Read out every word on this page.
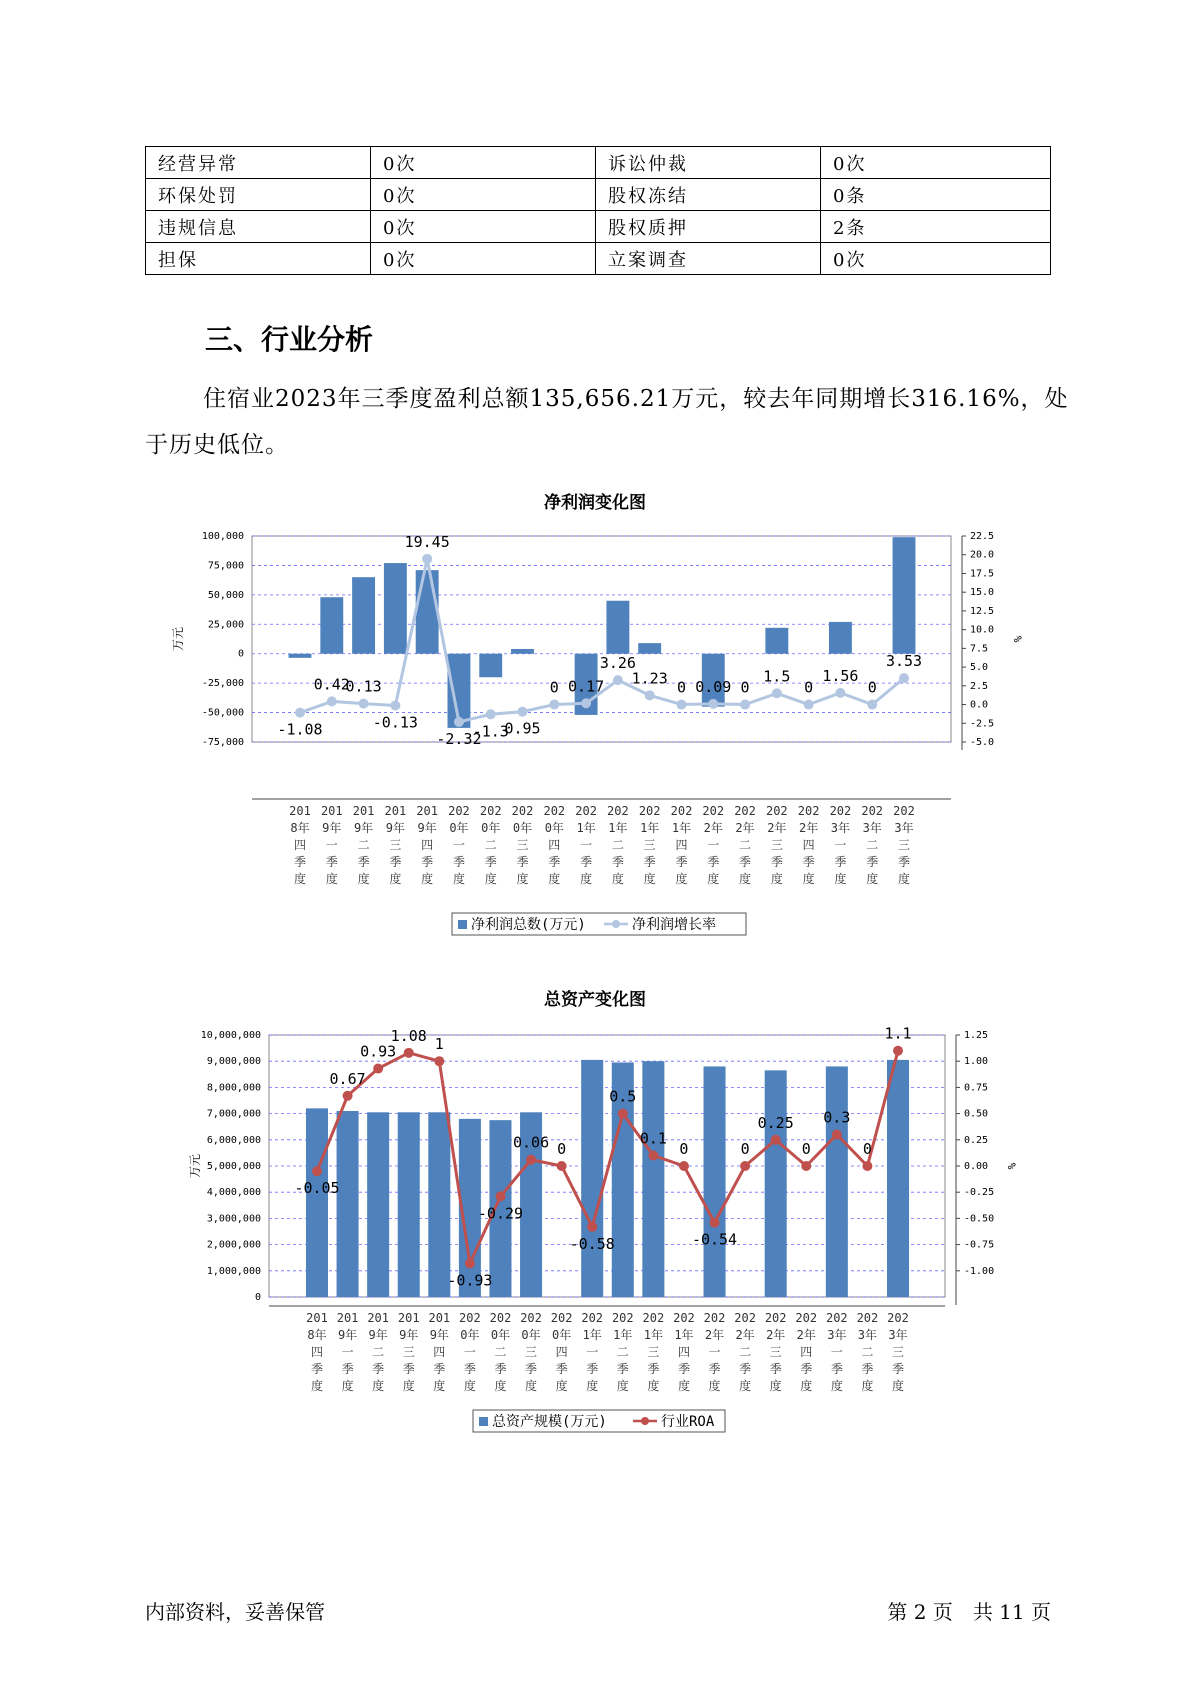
经营异常	0次	诉讼仲裁	0次
环保处罚	0次	股权冻结	0条
违规信息	0次	股权质押	2条
担保	0次	立案调查	0次
三、行业分析

住宿业2023年三季度盈利总额135,656.21万元，较去年同期增长316.16%，处于历史低位。

净利润变化图
100,000
75,000
50,000
25,000
0
-25,000
-50,000
-75,000
22.5
20.0
17.5
15.0
12.5
10.0
7.5
5.0
2.5
0.0
-2.5
-5.0
万元	%
201 8年四季度
201 9年一季度
201 9年二季度
201 9年三季度
201 9年四季度
202 0年一季度
202 0年二季度
202 0年三季度
202 0年四季度
202 1年一季度
202 1年二季度
202 1年三季度
202 1年四季度
202 2年一季度
202 2年二季度
202 2年三季度
202 2年四季度
202 3年一季度
202 3年二季度
202 3年三季度
-1.08
0.42
0.13
-0.13
19.45
-2.32
-1.3
0.95
0 0.17
3.26
1.23
0 0.09 0
1.5
0
1.56
0
3.53
净利润总数(万元)	净利润增长率
总资产变化图
10,000,000
9,000,000
8,000,000
7,000,000
6,000,000
5,000,000
4,000,000
3,000,000
2,000,000
1,000,000
0
1.25
1.00
0.75
0.50
0.25
0.00
-0.25
-0.50
-0.75
-1.00
万元	%
201 8年四季度
201 9年一季度
201 9年二季度
201 9年三季度
201 9年四季度
202 0年一季度
202 0年二季度
202 0年三季度
202 0年四季度
202 1年一季度
202 1年二季度
202 1年三季度
202 1年四季度
202 2年一季度
202 2年二季度
202 2年三季度
202 2年四季度
202 3年一季度
202 3年二季度
202 3年三季度
-0.05
0.67
0.93
1.08 1
-0.93
-0.29
0.06 0
-0.58
0.5
0.1
0
-0.54
0
0.25
0
0.3
0
1.1
总资产规模(万元)	行业ROA
内部资料，妥善保管	第 2 页　共 11 页
